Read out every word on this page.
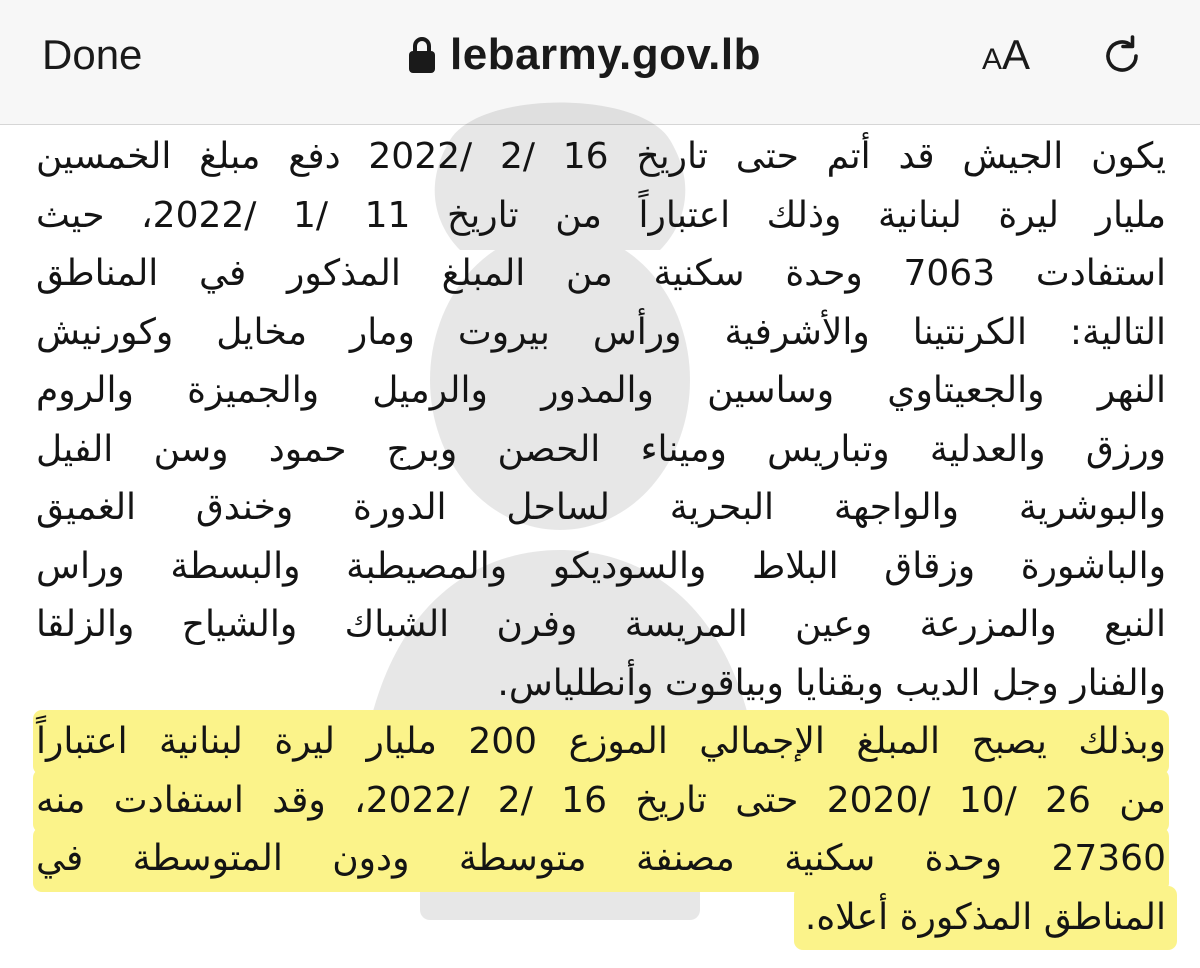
Done	lebarmy.gov.lb	AA
يكون الجيش قد أتم حتى تاريخ 16 /2 /2022 دفع مبلغ الخمسين
مليار ليرة لبنانية وذلك اعتباراً من تاريخ 11 /1 /2022، حيث
استفادت 7063 وحدة سكنية من المبلغ المذكور في المناطق
التالية: الكرنتينا والأشرفية ورأس بيروت ومار مخايل وكورنيش
النهر والجعيتاوي وساسين والمدور والرميل والجميزة والروم
ورزق والعدلية وتباريس وميناء الحصن وبرج حمود وسن الفيل
والبوشرية والواجهة البحرية لساحل الدورة وخندق الغميق
والباشورة وزقاق البلاط والسوديكو والمصيطبة والبسطة وراس
النبع والمزرعة وعين المريسة وفرن الشباك والشياح والزلقا
والفنار وجل الديب وبقنايا وبياقوت وأنطلياس.
وبذلك يصبح المبلغ الإجمالي الموزع 200 مليار ليرة لبنانية اعتباراً
من 26 /10 /2020 حتى تاريخ 16 /2 /2022، وقد استفادت منه
27360 وحدة سكنية مصنفة متوسطة ودون المتوسطة في
المناطق المذكورة أعلاه.
